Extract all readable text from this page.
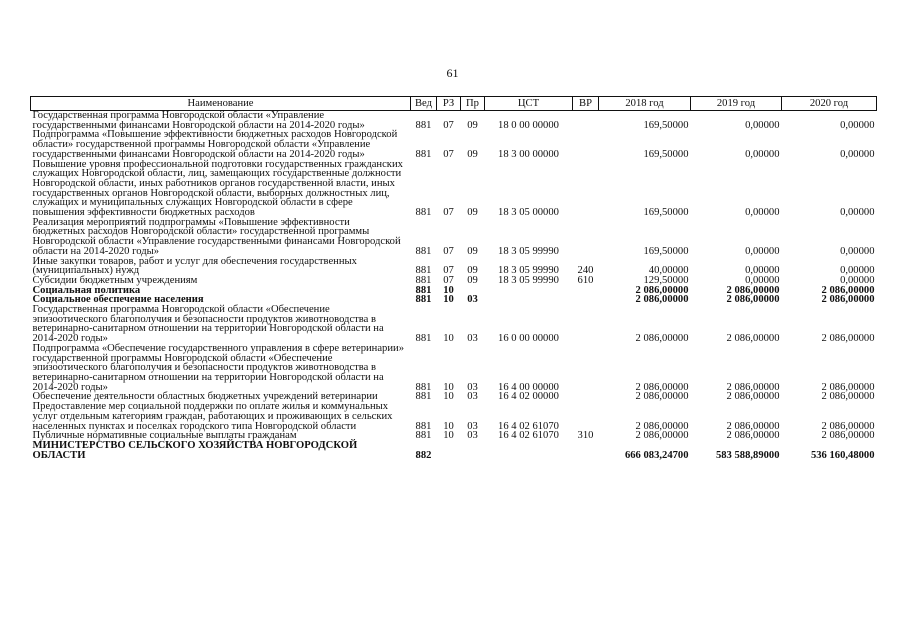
61
Наименование	Вед	РЗ	Пр	ЦСТ	ВР	2018 год	2019 год	2020 год
Государственная программа Новгородской области «Управление государственными финансами Новгородской области на 2014-2020 годы»	881	07	09	18 0 00 00000		169,50000	0,00000	0,00000
Подпрограмма «Повышение эффективности бюджетных расходов Новгородской области» государственной программы Новгородской области «Управление государственными финансами Новгородской области на 2014-2020 годы»	881	07	09	18 3 00 00000		169,50000	0,00000	0,00000
Повышение уровня профессиональной подготовки государственных гражданских служащих Новгородской области, лиц, замещающих государственные должности Новгородской области, иных работников органов государственной власти, иных государственных органов Новгородской области, выборных должностных лиц, служащих и муниципальных служащих Новгородской области в сфере повышения эффективности бюджетных расходов	881	07	09	18 3 05 00000		169,50000	0,00000	0,00000
Реализация мероприятий подпрограммы «Повышение эффективности бюджетных расходов Новгородской области» государственной программы Новгородской области «Управление государственными финансами Новгородской области на 2014-2020 годы»	881	07	09	18 3 05 99990		169,50000	0,00000	0,00000
Иные закупки товаров, работ и услуг для обеспечения государственных (муниципальных) нужд	881	07	09	18 3 05 99990	240	40,00000	0,00000	0,00000
Субсидии бюджетным учреждениям	881	07	09	18 3 05 99990	610	129,50000	0,00000	0,00000
Социальная политика	881	10				2 086,00000	2 086,00000	2 086,00000
Социальное обеспечение населения	881	10	03			2 086,00000	2 086,00000	2 086,00000
Государственная программа Новгородской области «Обеспечение эпизоотического благополучия и безопасности продуктов животноводства в ветеринарно-санитарном отношении на территории Новгородской области на 2014-2020 годы»	881	10	03	16 0 00 00000		2 086,00000	2 086,00000	2 086,00000
Подпрограмма «Обеспечение государственного управления в сфере ветеринарии» государственной программы Новгородской области «Обеспечение эпизоотического благополучия и безопасности продуктов животноводства в ветеринарно-санитарном отношении на территории Новгородской области на 2014-2020 годы»	881	10	03	16 4 00 00000		2 086,00000	2 086,00000	2 086,00000
Обеспечение деятельности областных бюджетных учреждений ветеринарии	881	10	03	16 4 02 00000		2 086,00000	2 086,00000	2 086,00000
Предоставление мер социальной поддержки по оплате жилья и коммунальных услуг отдельным категориям граждан, работающих и проживающих в сельских населенных пунктах и поселках городского типа Новгородской области	881	10	03	16 4 02 61070		2 086,00000	2 086,00000	2 086,00000
Публичные нормативные социальные выплаты гражданам	881	10	03	16 4 02 61070	310	2 086,00000	2 086,00000	2 086,00000
МИНИСТЕРСТВО СЕЛЬСКОГО ХОЗЯЙСТВА НОВГОРОДСКОЙ ОБЛАСТИ	882					666 083,24700	583 588,89000	536 160,48000
